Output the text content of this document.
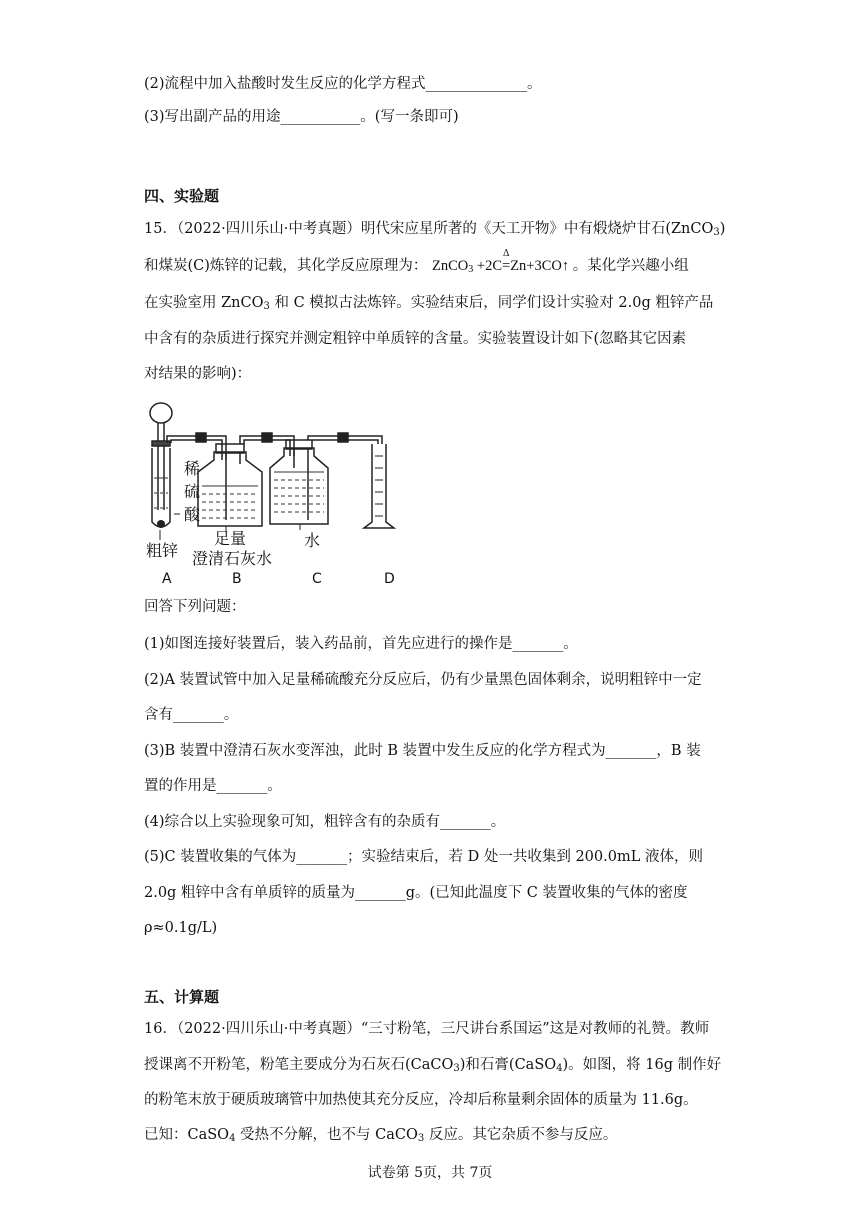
(2)流程中加入盐酸时发生反应的化学方程式______________。
(3)写出副产品的用途___________。(写一条即可)
四、实验题
15．（2022·四川乐山·中考真题）明代宋应星所著的《天工开物》中有煅烧炉甘石(ZnCO$_3$)
和煤炭(C)炼锌的记载，其化学反应原理为： ZnCO$_3$ +2C
Δ
=Zn+3CO↑ 。某化学兴趣小组
在实验室用 ZnCO$_3$ 和 C 模拟古法炼锌。实验结束后，同学们设计实验对 2.0g 粗锌产品
中含有的杂质进行探究并测定粗锌中单质锌的含量。实验装置设计如下(忽略其它因素
对结果的影响)：
稀
硫
酸
粗锌
足量
澄清石灰水
水
A	B	C	D
回答下列问题：
(1)如图连接好装置后，装入药品前，首先应进行的操作是_______。
(2)A 装置试管中加入足量稀硫酸充分反应后，仍有少量黑色固体剩余，说明粗锌中一定
含有_______。
(3)B 装置中澄清石灰水变浑浊，此时 B 装置中发生反应的化学方程式为_______，B 装
置的作用是_______。
(4)综合以上实验现象可知，粗锌含有的杂质有_______。
(5)C 装置收集的气体为_______；实验结束后，若 D 处一共收集到 200.0mL 液体，则
2.0g 粗锌中含有单质锌的质量为_______g。(已知此温度下 C 装置收集的气体的密度
ρ≈0.1g/L)
五、计算题
16．（2022·四川乐山·中考真题）“三寸粉笔，三尺讲台系国运”这是对教师的礼赞。教师
授课离不开粉笔，粉笔主要成分为石灰石(CaCO$_3$)和石膏(CaSO$_4$)。如图，将 16g 制作好
的粉笔末放于硬质玻璃管中加热使其充分反应，冷却后称量剩余固体的质量为 11.6g。
已知：CaSO$_4$ 受热不分解，也不与 CaCO$_3$ 反应。其它杂质不参与反应。
试卷第 5页，共 7页
